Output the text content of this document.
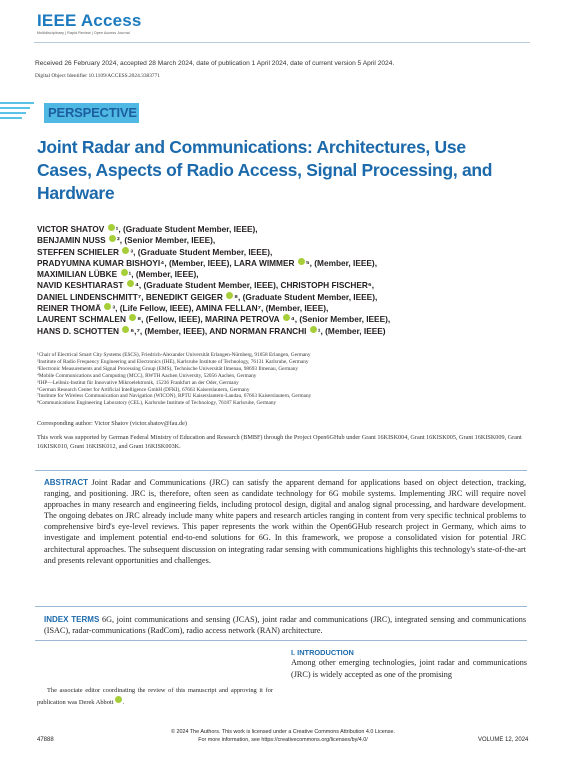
IEEE Access
Multidisciplinary | Rapid Review | Open Access Journal
Received 26 February 2024, accepted 28 March 2024, date of publication 1 April 2024, date of current version 5 April 2024.
Digital Object Identifier 10.1109/ACCESS.2024.3383771
PERSPECTIVE
Joint Radar and Communications: Architectures, Use Cases, Aspects of Radio Access, Signal Processing, and Hardware
VICTOR SHATOV ¹, (Graduate Student Member, IEEE),
BENJAMIN NUSS ², (Senior Member, IEEE),
STEFFEN SCHIELER ³, (Graduate Student Member, IEEE),
PRADYUMNA KUMAR BISHOYI⁴, (Member, IEEE), LARA WIMMER ⁵, (Member, IEEE),
MAXIMILIAN LÜBKE ¹, (Member, IEEE),
NAVID KESHTIARAST ⁴, (Graduate Student Member, IEEE), CHRISTOPH FISCHER⁶,
DANIEL LINDENSCHMITT⁷, BENEDIKT GEIGER ⁸, (Graduate Student Member, IEEE),
REINER THOMÄ ³, (Life Fellow, IEEE), AMINA FELLAN⁷, (Member, IEEE),
LAURENT SCHMALEN ⁸, (Fellow, IEEE), MARINA PETROVA ⁴, (Senior Member, IEEE),
HANS D. SCHOTTEN ⁶,⁷, (Member, IEEE), AND NORMAN FRANCHI ¹, (Member, IEEE)
¹Chair of Electrical Smart City Systems (ESCS), Friedrich-Alexander Universität Erlangen-Nürnberg, 91058 Erlangen, Germany
²Institute of Radio Frequency Engineering and Electronics (IHE), Karlsruhe Institute of Technology, 76131 Karlsruhe, Germany
³Electronic Measurements and Signal Processing Group (EMS), Technische Universität Ilmenau, 98693 Ilmenau, Germany
⁴Mobile Communications and Computing (MCC), RWTH Aachen University, 52056 Aachen, Germany
⁵IHP—Leibniz-Institut für Innovative Mikroelektronik, 15236 Frankfurt an der Oder, Germany
⁶German Research Center for Artificial Intelligence GmbH (DFKI), 67663 Kaiserslautern, Germany
⁷Institute for Wireless Communication and Navigation (WICON), RPTU Kaiserslautern-Landau, 67663 Kaiserslautern, Germany
⁸Communications Engineering Laboratory (CEL), Karlsruhe Institute of Technology, 76187 Karlsruhe, Germany
Corresponding author: Victor Shatov (victor.shatov@fau.de)
This work was supported by German Federal Ministry of Education and Research (BMBF) through the Project Open6GHub under Grant 16KISK004, Grant 16KISK005, Grant 16KISK009, Grant 16KISK010, Grant 16KISK012, and Grant 16KISK003K.
ABSTRACT Joint Radar and Communications (JRC) can satisfy the apparent demand for applications based on object detection, tracking, ranging, and positioning. JRC is, therefore, often seen as candidate technology for 6G mobile systems. Implementing JRC will require novel approaches in many research and engineering fields, including protocol design, digital and analog signal processing, and hardware development. The ongoing debates on JRC already include many white papers and research articles ranging in content from very specific technical problems to comprehensive bird's eye-level reviews. This paper represents the work within the Open6GHub research project in Germany, which aims to investigate and implement potential end-to-end solutions for 6G. In this framework, we propose a consolidated vision for potential JRC architectural approaches. The subsequent discussion on integrating radar sensing with communications highlights this technology's state-of-the-art and presents relevant opportunities and challenges.
INDEX TERMS 6G, joint communications and sensing (JCAS), joint radar and communications (JRC), integrated sensing and communications (ISAC), radar-communications (RadCom), radio access network (RAN) architecture.
I. INTRODUCTION
Among other emerging technologies, joint radar and communications (JRC) is widely accepted as one of the promising
The associate editor coordinating the review of this manuscript and approving it for publication was Derek Abbott .
47888
© 2024 The Authors. This work is licensed under a Creative Commons Attribution 4.0 License.
For more information, see https://creativecommons.org/licenses/by/4.0/	VOLUME 12, 2024
